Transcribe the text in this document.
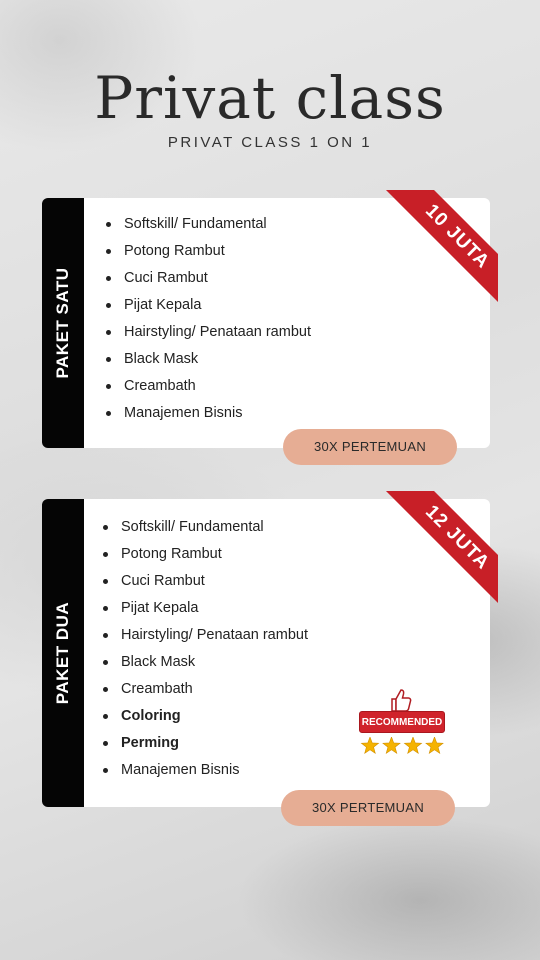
Privat class
PRIVAT CLASS 1 ON 1
PAKET SATU
Softskill/ Fundamental
Potong Rambut
Cuci Rambut
Pijat Kepala
Hairstyling/ Penataan rambut
Black Mask
Creambath
Manajemen Bisnis
30X PERTEMUAN
10 JUTA
PAKET DUA
Softskill/ Fundamental
Potong Rambut
Cuci Rambut
Pijat Kepala
Hairstyling/ Penataan rambut
Black Mask
Creambath
Coloring
Perming
Manajemen Bisnis
RECOMMENDED
30X PERTEMUAN
12 JUTA
